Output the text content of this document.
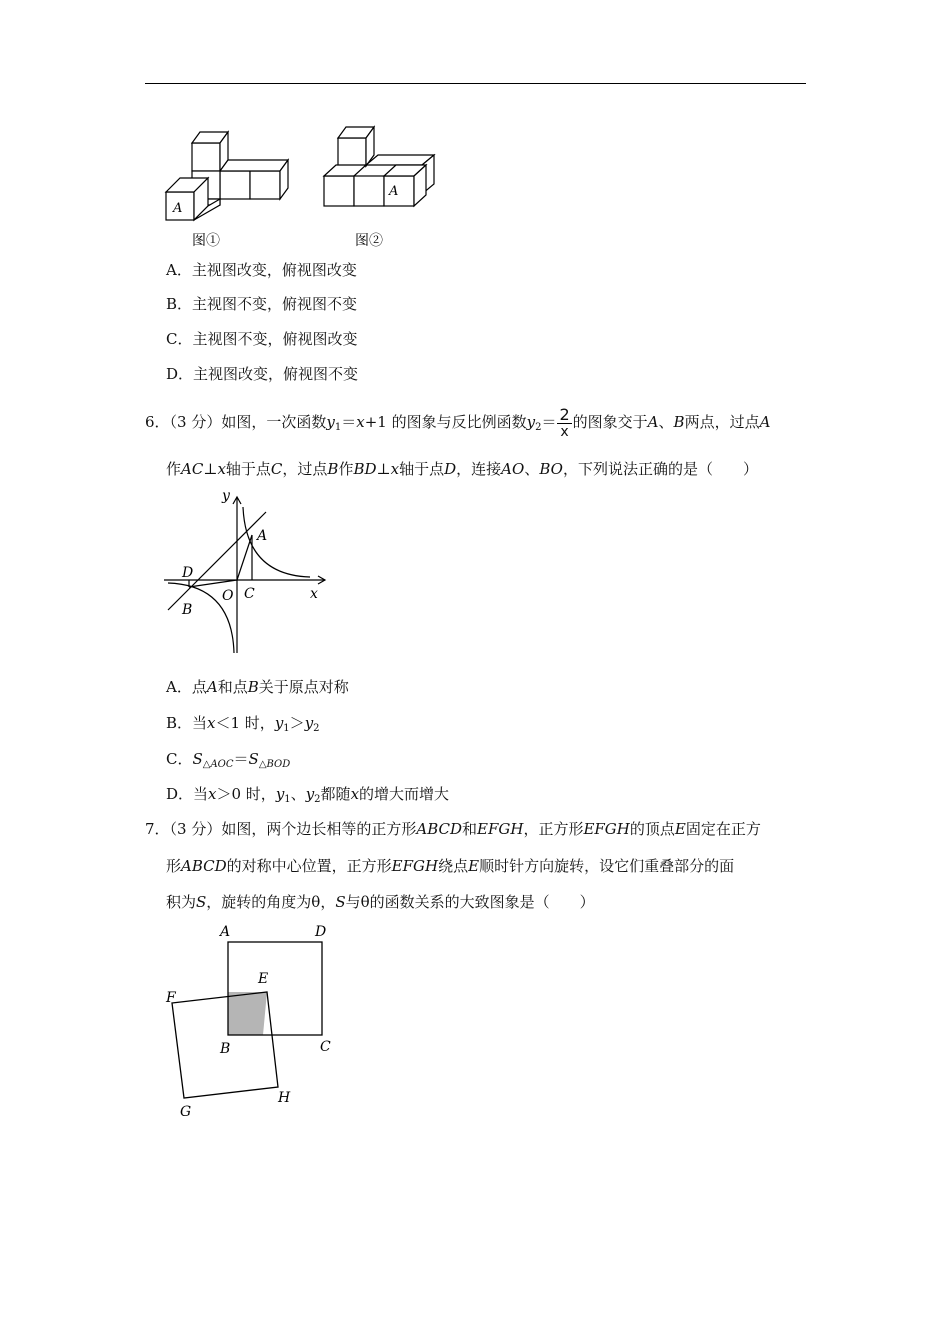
A
图①
A
图②
A．主视图改变，俯视图改变
B．主视图不变，俯视图不变
C．主视图不变，俯视图改变
D．主视图改变，俯视图不变
6．（3 分）如图，一次函数$y_1=x+1$ 的图象与反比例函数$y_2= \frac{2}{x}$ 的图象交于A、B两点，过点A
作AC⊥x轴于点C，过点B作BD⊥x轴于点D，连接AO、BO，下列说法正确的是（　　）
y
x
A
C
O
D
B
A．点A和点B关于原点对称
B．当x＜1 时，$y_1>y_2$
C．$S_{\triangle AOC}=S_{\triangle BOD}$
D．当x＞0 时，$y_1$、$y_2$都随x的增大而增大
7．（3 分）如图，两个边长相等的正方形ABCD和EFGH，正方形EFGH的顶点E固定在正方
形ABCD的对称中心位置，正方形EFGH绕点E顺时针方向旋转，设它们重叠部分的面
积为S，旋转的角度为θ，S与θ的函数关系的大致图象是（　　）
A	D
E
F
B	C
G
H
